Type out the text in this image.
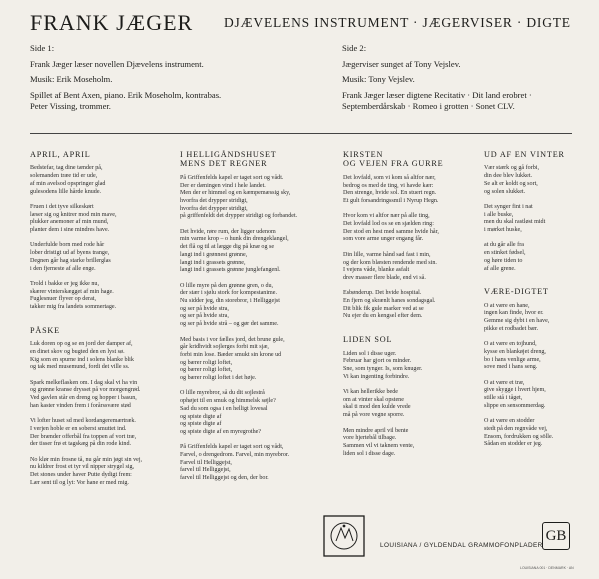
FRANK JÆGER DJÆVELENS INSTRUMENT · JÆGERVISER · DIGTE
Side 1:
Frank Jæger læser novellen Djævelens instrument.
Musik: Erik Moseholm.
Spillet af Bent Axen, piano. Erik Moseholm, kontrabas.
Peter Vissing, trommer.
Side 2:
Jægerviser sunget af Tony Vejslev.
Musik: Tony Vejslev.
Frank Jæger læser digtene Recitativ · Dit land erobret ·
Septemberdårskab · Romeo i grotten · Sonet CLV.
APRIL, APRIL
Bedstefar, tag dine tænder på,
solemanden træe tid er ude,
af min avelsod opspringer glad
gulesodens lille hårde knude.
Fruen i det tyve silkeskørt
læser sig og knitrer mod min mave,
plukker anemoner af min mund,
planter dem i sine mindres have.
Underfulde born med rode hår
lober dristigt ud af byens trange,
Degnen går hag starke brillerglas
i den fjerneste af alle enge.
Trold i bakke er jeg ikke nu,
skærer vinterskægget af min hage.
Fuglesnuer flyver op derat,
takker mig fra landets sommertage.
PÅSKE
Luk doren op og se en jord der damper af,
en dinet skov og bugted den en lyst sø.
Kig som en spurne ind i solens blanke blik
og tak med musemund, fordi det ville ss.
Spark melkeflasken om. I dag skal vi ha vin
og grønne kranse drysset på vor morgengrød.
Ved gavlen står en dreng og hopper i basun,
han kaster vinden frem i forårssvære stød
Vi lofter huset sd med kordangeremærtræk.
I verjen hoble er en soberst smuttet ind.
Der brænder offerbål fra toppen af vort træ,
der tisser frø et tagskæg på din rode kind.
No klør min frosne tå, nu går min jøgt sin vej,
nu kildrer frost et tyr vil nipper strygel sig,
Det stones under haver Putte dydigt frem:
Lær sent til og lyt: Vor hane er med mig.
I HELLIGÅNDSHUSET
MENS DET REGNER
På Griffenfelds kapel er taget sort og vådt.
Der er dæningen vind i hele landet.
Men der er himmel og en kæmpemæssig sky,
hvorfra det drypper stridigt,
hvorfra det drypper stridigt,
på griffenfeldt det drypper stridigt og forbandet.
Det hvide, røre rum, der ligger udenom
min varme krop – o hunk din drengeklangel,
det flå og til at lægge dig på knæ og se
langt ind i grønnest grønne,
langt ind i grassets grønne,
langt ind i grassets grønne junglefangenl.
O lille myre på den grønne gren, o du,
der stær i sjølu stork for kompestanime.
Nu sidder jeg, din storebror, i Helliggejst
og ser på hvide stra,
og ser på hvide stra,
og ser på hvide strå – og gør det samme.
Med basis i vor fælles jord, det brune gule,
går kridhvidt sojlerges forbi mit sjæ,
forbi min lose. Bæder smukt sin krone ud
og bærer roligt loftet,
og bærer roligt loftet,
og bærer roligt loftet i det høje.
O lille myrebror, så du dit sojlestrå
ophøjet til en smuk og himmelsk søjle?
Sad du som ogsa i en helligt lovesal
og spiste digte af
og spiste digte af
og spiste digte af en myregrothe?
På Griffenfelds kapel er taget sort og vådt,
Farvel, o drengedrom. Farvel, min myrebror.
Farvel til Helliggejst,
farvel til Helliggejst,
farvel til Helliggejst og den, der bor.
KIRSTEN
OG VEJEN FRA GURRE
Det lovfald, som vi kom så altfor nær,
bedrog os med de ting, vi havde kær:
Den strenge, hvide sol. En stuert regn.
Et gult forsandringssmil i Nyrup Hegn.
Hvor kom vi altfor nær på alle ting,
Det lovfald lod os se en sjælden ring:
Der stod en hest med samme hvide hår,
som vore arme unger engang får.
Din lille, varme hånd sad fast i min,
og der kom blæsten rendende med sin.
I vejens våde, blanke asfalt
drev masser flere blade, end vi så.
Esbønderup. Det hvide hospital.
En fjern og skrænlt hanes sondagsgal.
Dit blik fik gule marker ved at se
Nu ejer du en kengsel efter dem.
LIDEN SOL
Liden sol i disse uger.
Februar har gjort os minder.
Sne, som tynger. Is, som knuger.
Vi kan ingenting forbindre.
Vi kan hellerikke bede
om at vinter skal opstene
skal ti mod den kulde vrede
må på vore vegne sporre.
Men mindre april vil bente
vore hjertebål tilbage.
Sammen vil vi taknem vente,
liden sol i disse dage.
UD AF EN VINTER
Vær stærk og gå forbi,
din dee blev lukket.
Se alt er koldt og sort,
og solen slukket.
Det synger fint i nat
i alle buske,
men du skal rastløst midt
i mørket huske,
at du går alle fra
en stinket fødsel,
og høre tiden to
af alle grene.
VÆRE-DIGTET
O at være en hane,
ingen kan finde, hvor er.
Gemme sig dybt i en have,
pikke et rodbadet bær.
O at være en tojhund,
kysse en blankøjet dreng,
bo i hans venlige arme,
sove med i hans seng.
O at være et træ,
give skygge i hvert hjem,
stille stå i tåget,
slippe en sensommerdag.
O at være en stodder
stedt på den regnvåde vej,
Ensom, fordrukken og sölle.
Sådan en stodder er jeg.
LOUISIANA / GYLDENDAL GRAMMOFONPLADER
GB
LOUISIANA 001 · DENMARK · AN
